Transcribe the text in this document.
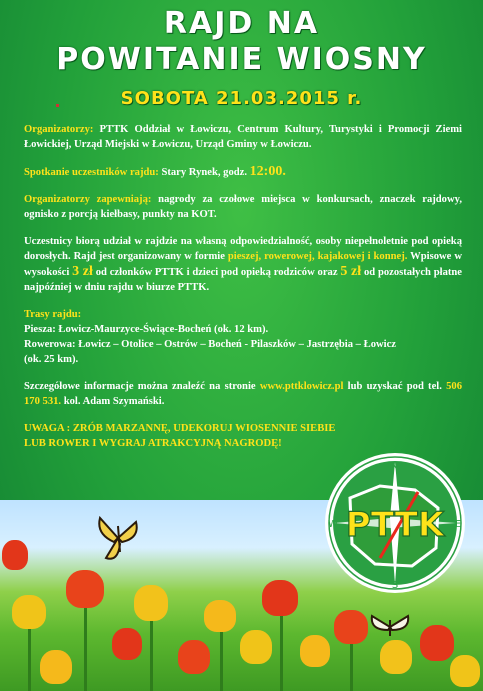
RAJD NA
POWITANIE WIOSNY
SOBOTA 21.03.2015 r.

Organizatorzy: PTTK Oddział w Łowiczu, Centrum Kultury, Turystyki i Promocji Ziemi Łowickiej, Urząd Miejski w Łowiczu, Urząd Gminy w Łowiczu.

Spotkanie uczestników rajdu: Stary Rynek, godz. 12:00.

Organizatorzy zapewniają: nagrody za czołowe miejsca w konkursach, znaczek rajdowy, ognisko z porcją kiełbasy, punkty na KOT.

Uczestnicy biorą udział w rajdzie na własną odpowiedzialność, osoby niepełnoletnie pod opieką dorosłych. Rajd jest organizowany w formie pieszej, rowerowej, kajakowej i konnej. Wpisowe w wysokości 3 zł od członków PTTK i dzieci pod opieką rodziców oraz 5 zł od pozostałych płatne najpóźniej w dniu rajdu w biurze PTTK.

Trasy rajdu:
Piesza: Łowicz-Maurzyce-Świące-Bocheń (ok. 12 km).
Rowerowa: Łowicz – Otolice – Ostrów – Bocheń - Pilaszków – Jastrzębia – Łowicz
(ok. 25 km).

Szczegółowe informacje można znaleźć na stronie www.pttklowicz.pl lub uzyskać pod tel. 506 170 531. kol. Adam Szymański.

UWAGA : ZRÓB MARZANNĘ, UDEKORUJ WIOSENNIE SIEBIE
LUB ROWER I WYGRAJ ATRAKCYJNĄ NAGRODĘ!

PTTK
N
S
W	E
